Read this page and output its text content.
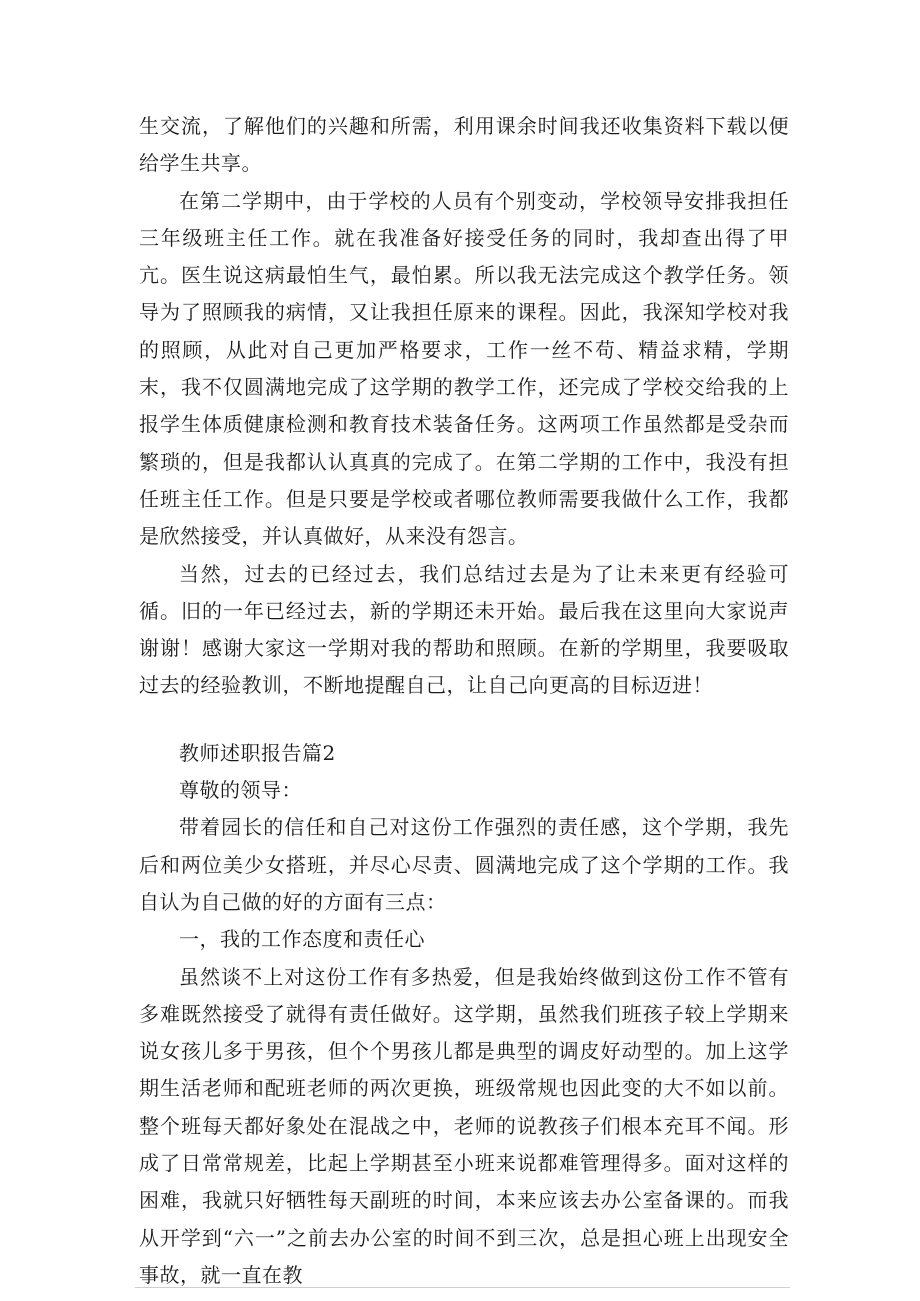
生交流，了解他们的兴趣和所需，利用课余时间我还收集资料下载以便给学生共享。

在第二学期中，由于学校的人员有个别变动，学校领导安排我担任三年级班主任工作。就在我准备好接受任务的同时，我却查出得了甲亢。医生说这病最怕生气，最怕累。所以我无法完成这个教学任务。领导为了照顾我的病情，又让我担任原来的课程。因此，我深知学校对我的照顾，从此对自己更加严格要求，工作一丝不苟、精益求精，学期末，我不仅圆满地完成了这学期的教学工作，还完成了学校交给我的上报学生体质健康检测和教育技术装备任务。这两项工作虽然都是受杂而繁琐的，但是我都认认真真的完成了。在第二学期的工作中，我没有担任班主任工作。但是只要是学校或者哪位教师需要我做什么工作，我都是欣然接受，并认真做好，从来没有怨言。

当然，过去的已经过去，我们总结过去是为了让未来更有经验可循。旧的一年已经过去，新的学期还未开始。最后我在这里向大家说声谢谢！感谢大家这一学期对我的帮助和照顾。在新的学期里，我要吸取过去的经验教训，不断地提醒自己，让自己向更高的目标迈进！

教师述职报告篇2

尊敬的领导：

带着园长的信任和自己对这份工作强烈的责任感，这个学期，我先后和两位美少女搭班，并尽心尽责、圆满地完成了这个学期的工作。我自认为自己做的好的方面有三点：

一，我的工作态度和责任心

虽然谈不上对这份工作有多热爱，但是我始终做到这份工作不管有多难既然接受了就得有责任做好。这学期，虽然我们班孩子较上学期来说女孩儿多于男孩，但个个男孩儿都是典型的调皮好动型的。加上这学期生活老师和配班老师的两次更换，班级常规也因此变的大不如以前。整个班每天都好象处在混战之中，老师的说教孩子们根本充耳不闻。形成了日常常规差，比起上学期甚至小班来说都难管理得多。面对这样的困难，我就只好牺牲每天副班的时间，本来应该去办公室备课的。而我从开学到“六一”之前去办公室的时间不到三次，总是担心班上出现安全事故，就一直在教
